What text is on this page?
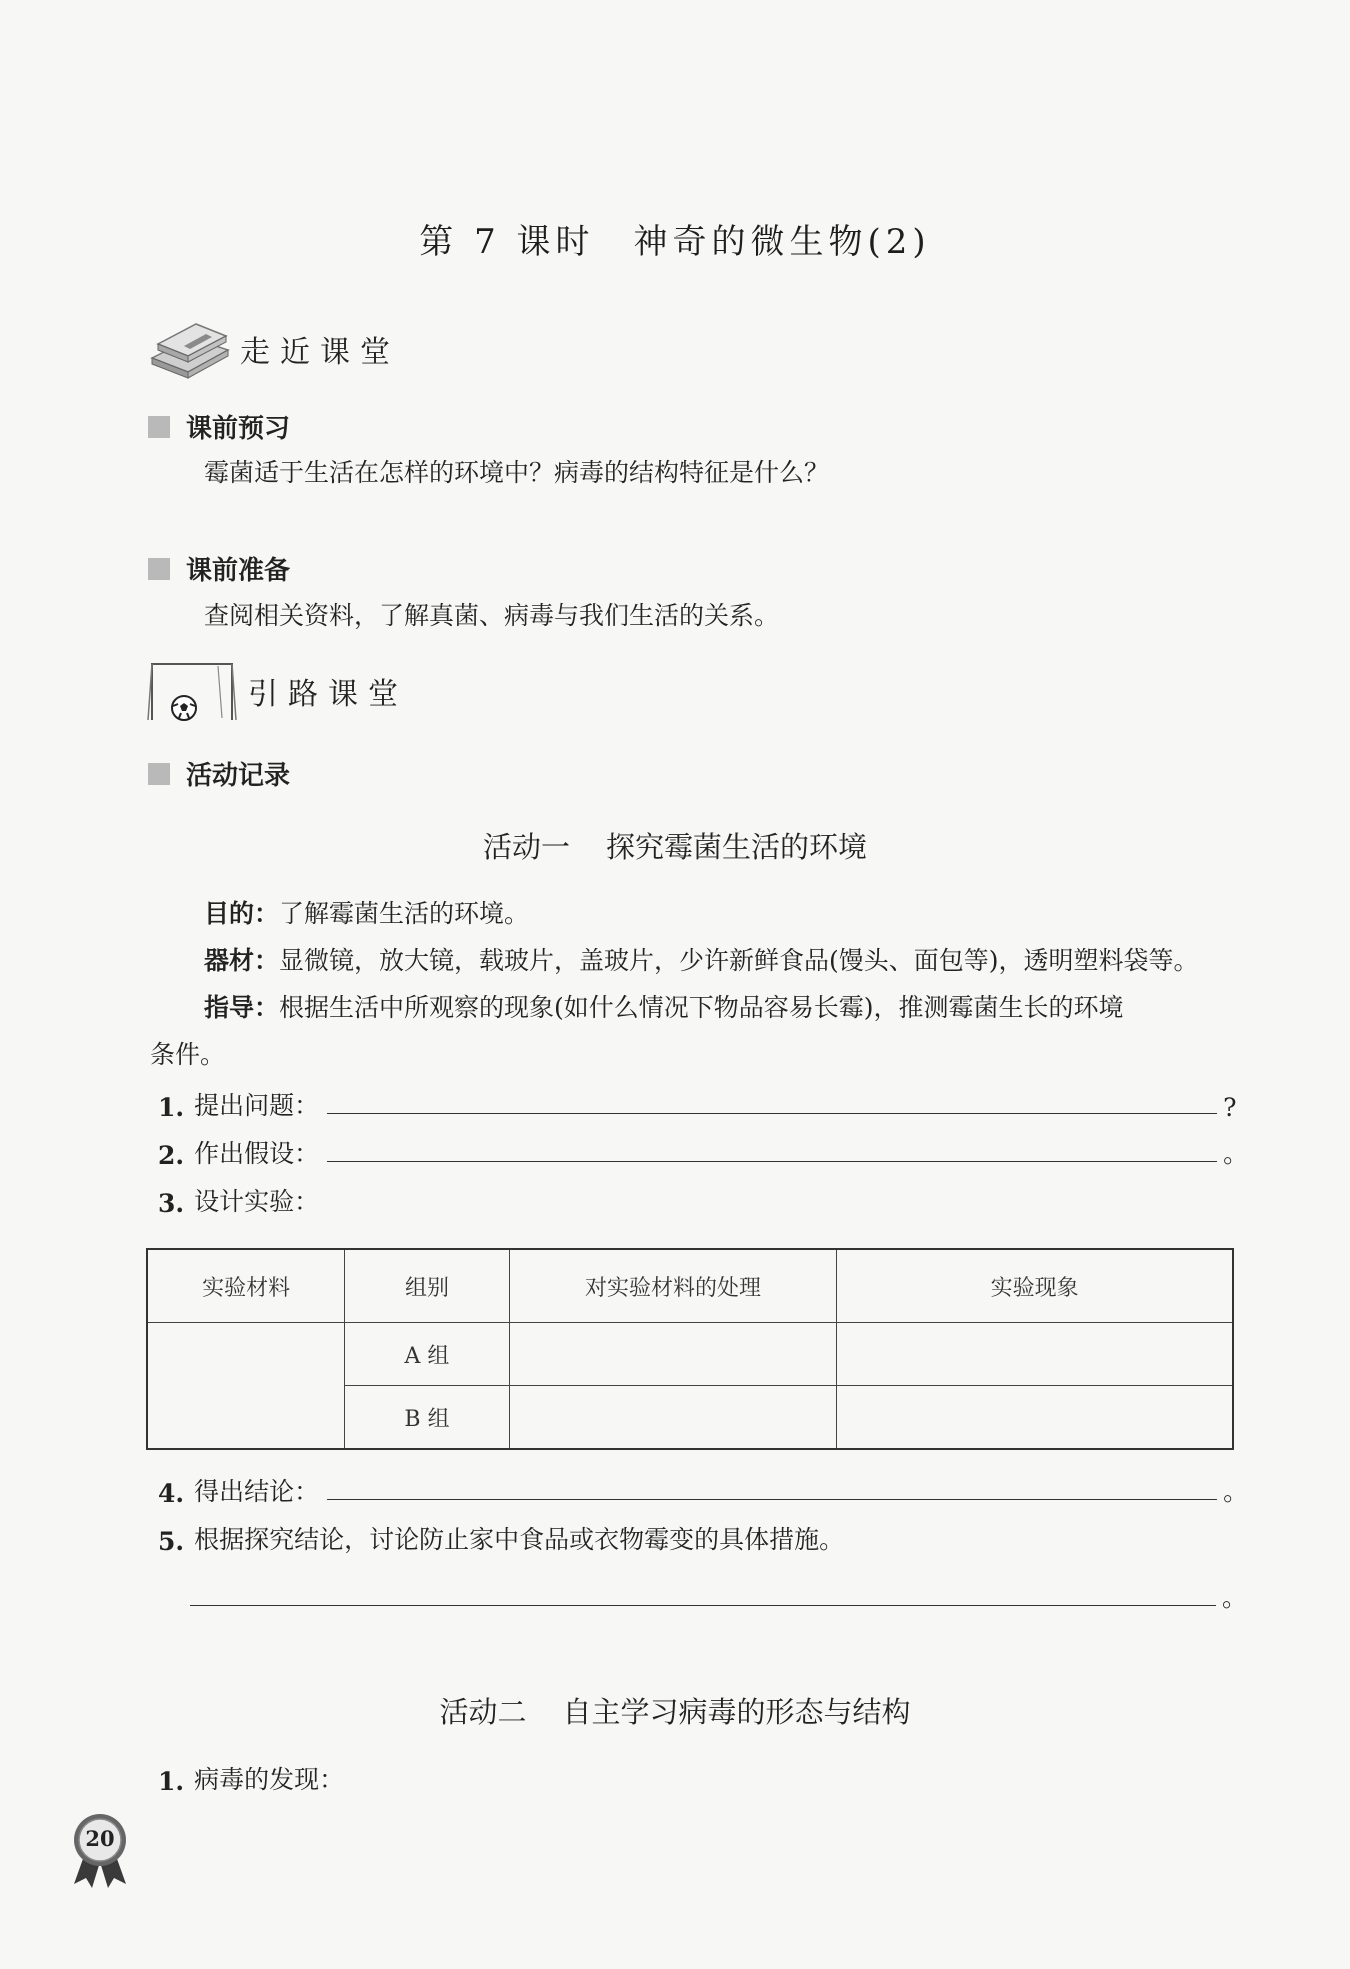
第 7 课时　神奇的微生物(2)
走近课堂
课前预习
霉菌适于生活在怎样的环境中？病毒的结构特征是什么？
课前准备
查阅相关资料，了解真菌、病毒与我们生活的关系。
引路课堂
活动记录
活动一 探究霉菌生活的环境
目的：了解霉菌生活的环境。
器材：显微镜，放大镜，载玻片，盖玻片，少许新鲜食品(馒头、面包等)，透明塑料袋等。
指导：根据生活中所观察的现象(如什么情况下物品容易长霉)，推测霉菌生长的环境
条件。
1. 提出问题：	?
2. 作出假设：	。
3. 设计实验：
实验材料	组别	对实验材料的处理	实验现象
	A 组		
	B 组		
4. 得出结论：	。
5. 根据探究结论，讨论防止家中食品或衣物霉变的具体措施。
。
活动二 自主学习病毒的形态与结构
1. 病毒的发现：
20
